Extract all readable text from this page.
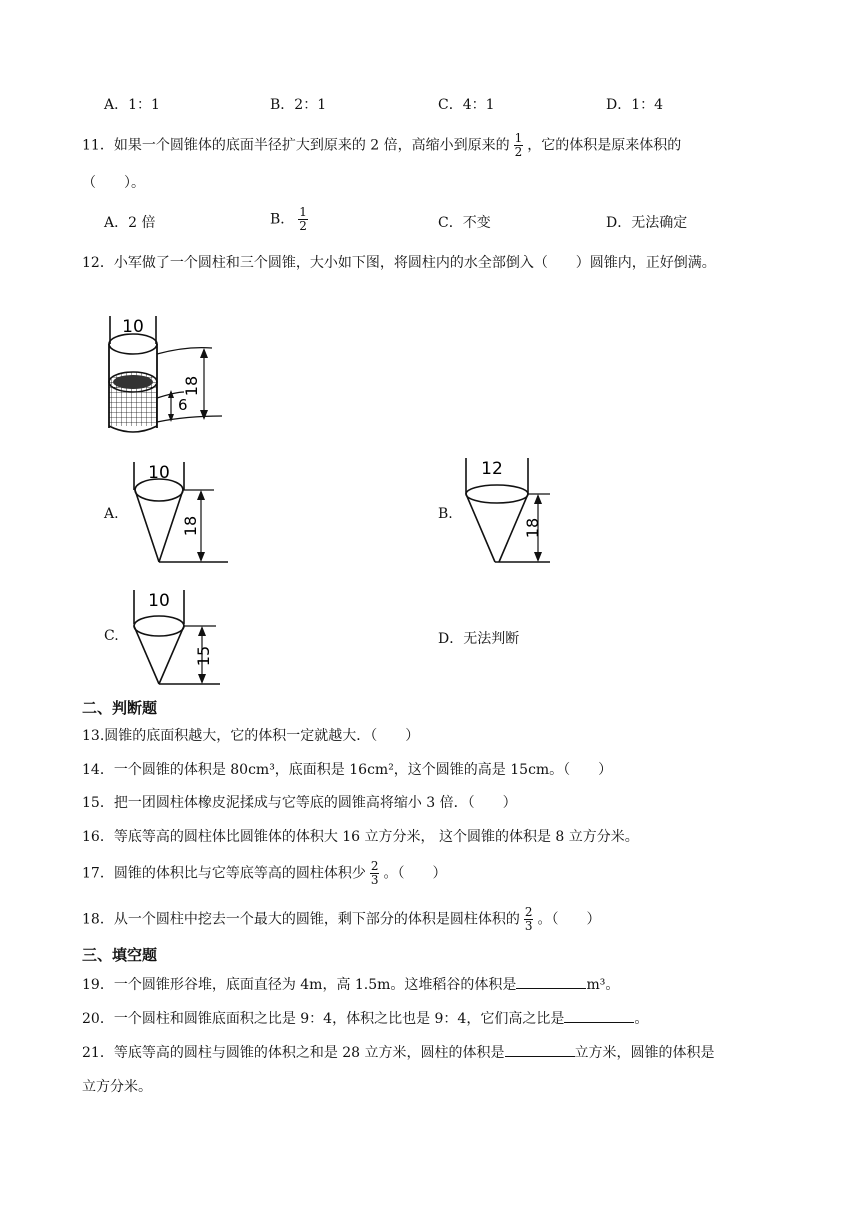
A．1：1	B．2：1	C．4：1	D．1：4
11．如果一个圆锥体的底面半径扩大到原来的 2 倍，高缩小到原来的 $\frac{1}{2}$ ，它的体积是原来体积的
（　　）。
A．2 倍	B． $\frac{1}{2}$	C．不变	D．无法确定
12．小军做了一个圆柱和三个圆锥，大小如下图，将圆柱内的水全部倒入（　　）圆锥内，正好倒满。
10
18
6
A.
10
18
B.
12
18
C.
10
15
D．无法判断
二、判断题
13.圆锥的底面积越大，它的体积一定就越大．（　　）
14．一个圆锥的体积是 80cm³，底面积是 16cm²，这个圆锥的高是 15cm。（　　）
15．把一团圆柱体橡皮泥揉成与它等底的圆锥高将缩小 3 倍．（　　）
16．等底等高的圆柱体比圆锥体的体积大 16 立方分米， 这个圆锥的体积是 8 立方分米。
17．圆锥的体积比与它等底等高的圆柱体积少 $\frac{2}{3}$ 。（　　）
18．从一个圆柱中挖去一个最大的圆锥，剩下部分的体积是圆柱体积的 $\frac{2}{3}$ 。（　　）
三、填空题
19．一个圆锥形谷堆，底面直径为 4m，高 1.5m。这堆稻谷的体积是	m³。
20．一个圆柱和圆锥底面积之比是 9：4，体积之比也是 9：4，它们高之比是	。
21．等底等高的圆柱与圆锥的体积之和是 28 立方米，圆柱的体积是	立方米，圆锥的体积是
立方分米。
